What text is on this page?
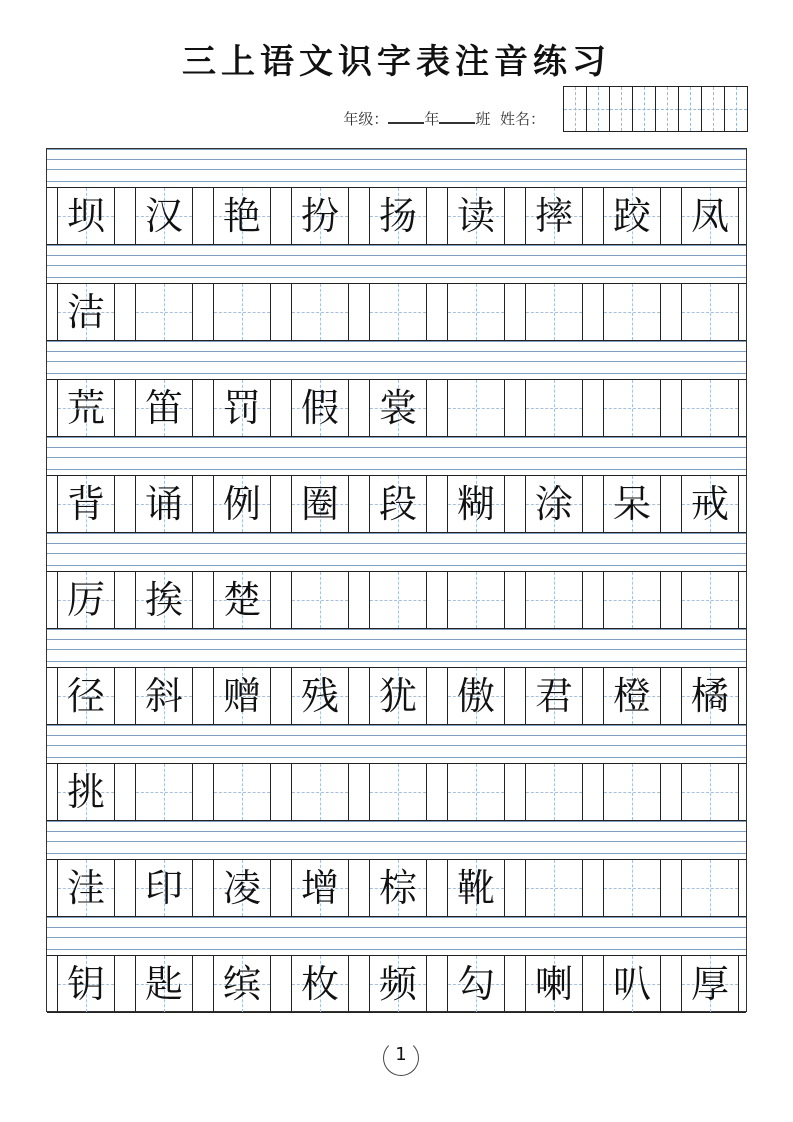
三上语文识字表注音练习
年级： 年 班 姓名：
坝 汉 艳 扮 扬 读 摔 跤 凤
洁
荒 笛 罚 假 裳
背 诵 例 圈 段 糊 涂 呆 戒
厉 挨 楚
径 斜 赠 残 犹 傲 君 橙 橘
挑
洼 印 凌 增 棕 靴
钥 匙 缤 枚 频 勾 喇 叭 厚
1
